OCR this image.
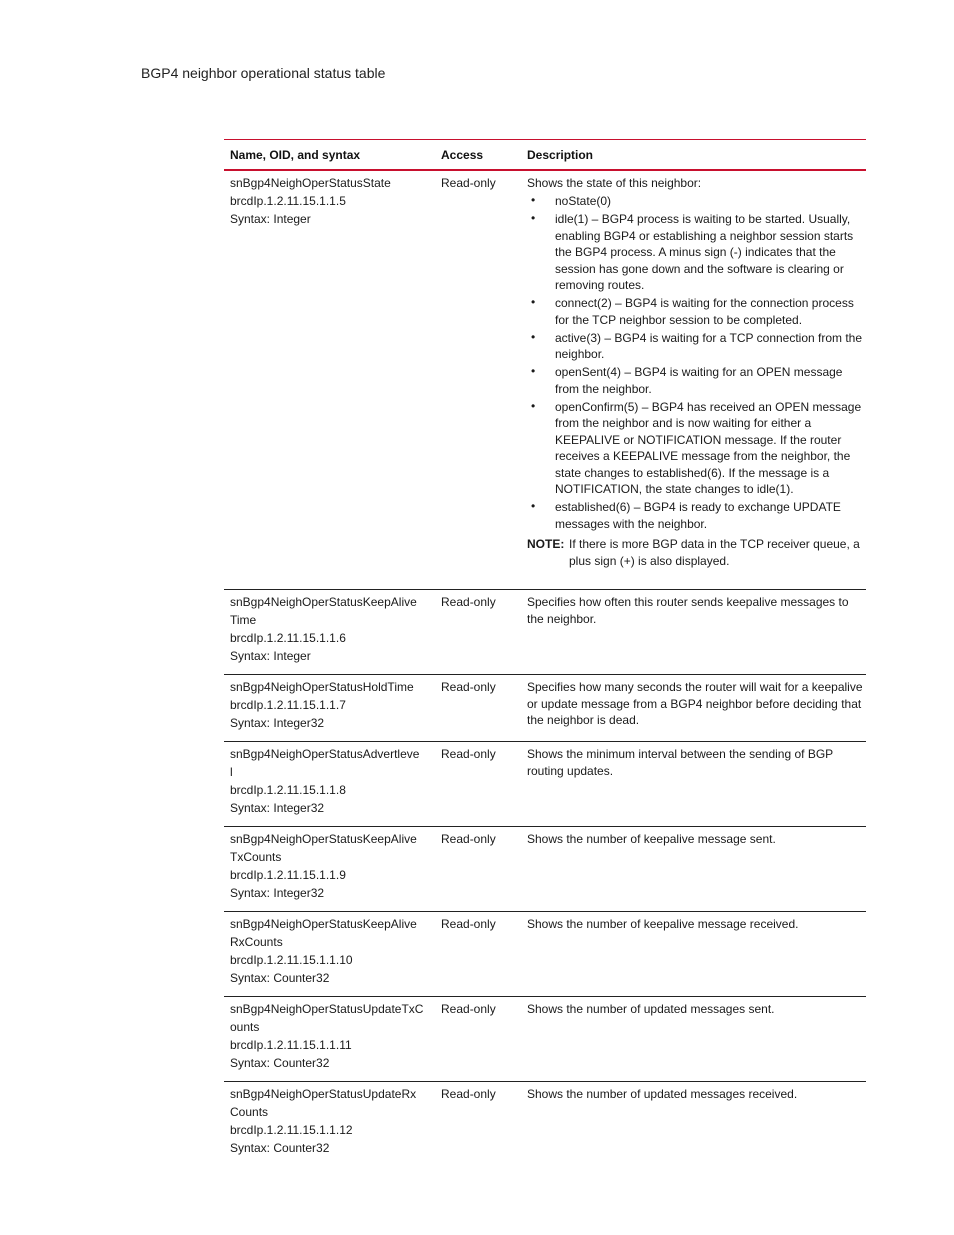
BGP4 neighbor operational status table
Name, OID, and syntax	Access	Description
snBgp4NeighOperStatusState
brcdIp.1.2.11.15.1.1.5
Syntax: Integer
Read-only	Shows the state of this neighbor:
• noState(0)
• idle(1) – BGP4 process is waiting to be started. Usually, enabling BGP4 or establishing a neighbor session starts the BGP4 process. A minus sign (-) indicates that the session has gone down and the software is clearing or removing routes.
• connect(2) – BGP4 is waiting for the connection process for the TCP neighbor session to be completed.
• active(3) – BGP4 is waiting for a TCP connection from the neighbor.
• openSent(4) – BGP4 is waiting for an OPEN message from the neighbor.
• openConfirm(5) – BGP4 has received an OPEN message from the neighbor and is now waiting for either a KEEPALIVE or NOTIFICATION message. If the router receives a KEEPALIVE message from the neighbor, the state changes to established(6). If the message is a NOTIFICATION, the state changes to idle(1).
• established(6) – BGP4 is ready to exchange UPDATE messages with the neighbor.
NOTE: If there is more BGP data in the TCP receiver queue, a plus sign (+) is also displayed.
snBgp4NeighOperStatusKeepAlive
Time
brcdIp.1.2.11.15.1.1.6
Syntax: Integer
Read-only	Specifies how often this router sends keepalive messages to the neighbor.
snBgp4NeighOperStatusHoldTime
brcdIp.1.2.11.15.1.1.7
Syntax: Integer32
Read-only	Specifies how many seconds the router will wait for a keepalive or update message from a BGP4 neighbor before deciding that the neighbor is dead.
snBgp4NeighOperStatusAdvertleve
l
brcdIp.1.2.11.15.1.1.8
Syntax: Integer32
Read-only	Shows the minimum interval between the sending of BGP routing updates.
snBgp4NeighOperStatusKeepAlive
TxCounts
brcdIp.1.2.11.15.1.1.9
Syntax: Integer32
Read-only	Shows the number of keepalive message sent.
snBgp4NeighOperStatusKeepAlive
RxCounts
brcdIp.1.2.11.15.1.1.10
Syntax: Counter32
Read-only	Shows the number of keepalive message received.
snBgp4NeighOperStatusUpdateTxC
ounts
brcdIp.1.2.11.15.1.1.11
Syntax: Counter32
Read-only	Shows the number of updated messages sent.
snBgp4NeighOperStatusUpdateRx
Counts
brcdIp.1.2.11.15.1.1.12
Syntax: Counter32
Read-only	Shows the number of updated messages received.
